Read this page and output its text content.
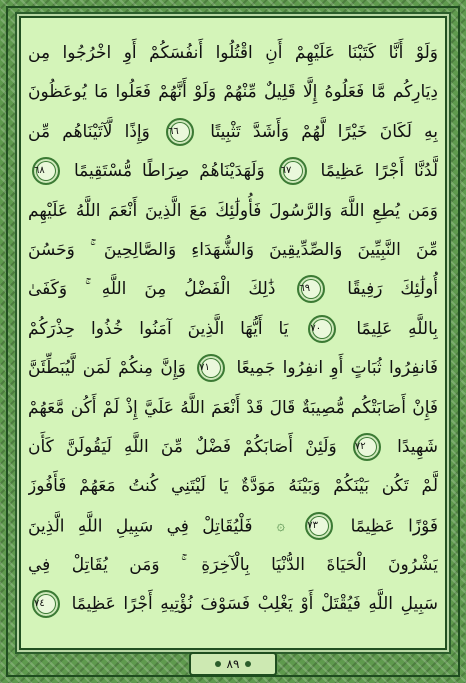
وَلَوْ أَنَّا كَتَبْنَا عَلَيْهِمْ أَنِ اقْتُلُوا أَنفُسَكُمْ أَوِ اخْرُجُوا مِن
دِيَارِكُم مَّا فَعَلُوهُ إِلَّا قَلِيلٌ مِّنْهُمْ وَلَوْ أَنَّهُمْ فَعَلُوا مَا يُوعَظُونَ
بِهِ لَكَانَ خَيْرًا لَّهُمْ وَأَشَدَّ تَثْبِيتًا ٦٦ وَإِذًا لَّآتَيْنَاهُم مِّن
لَّدُنَّا أَجْرًا عَظِيمًا ٦٧ وَلَهَدَيْنَاهُمْ صِرَاطًا مُّسْتَقِيمًا ٦٨
وَمَن يُطِعِ اللَّهَ وَالرَّسُولَ فَأُولَٰئِكَ مَعَ الَّذِينَ أَنْعَمَ اللَّهُ عَلَيْهِم
مِّنَ النَّبِيِّينَ وَالصِّدِّيقِينَ وَالشُّهَدَاءِ وَالصَّالِحِينَ ۚ وَحَسُنَ
أُولَٰئِكَ رَفِيقًا ٦٩ ذَٰلِكَ الْفَضْلُ مِنَ اللَّهِ ۚ وَكَفَىٰ
بِاللَّهِ عَلِيمًا ٧٠ يَا أَيُّهَا الَّذِينَ آمَنُوا خُذُوا حِذْرَكُمْ
فَانفِرُوا ثُبَاتٍ أَوِ انفِرُوا جَمِيعًا ٧١ وَإِنَّ مِنكُمْ لَمَن لَّيُبَطِّئَنَّ
فَإِنْ أَصَابَتْكُم مُّصِيبَةٌ قَالَ قَدْ أَنْعَمَ اللَّهُ عَلَيَّ إِذْ لَمْ أَكُن مَّعَهُمْ
شَهِيدًا ٧٢ وَلَئِنْ أَصَابَكُمْ فَضْلٌ مِّنَ اللَّهِ لَيَقُولَنَّ كَأَن
لَّمْ تَكُن بَيْنَكُمْ وَبَيْنَهُ مَوَدَّةٌ يَا لَيْتَنِي كُنتُ مَعَهُمْ فَأَفُوزَ
فَوْزًا عَظِيمًا ٧٣ ۞ فَلْيُقَاتِلْ فِي سَبِيلِ اللَّهِ الَّذِينَ
يَشْرُونَ الْحَيَاةَ الدُّنْيَا بِالْآخِرَةِ ۚ وَمَن يُقَاتِلْ فِي
سَبِيلِ اللَّهِ فَيُقْتَلْ أَوْ يَغْلِبْ فَسَوْفَ نُؤْتِيهِ أَجْرًا عَظِيمًا ٧٤
٨٩
